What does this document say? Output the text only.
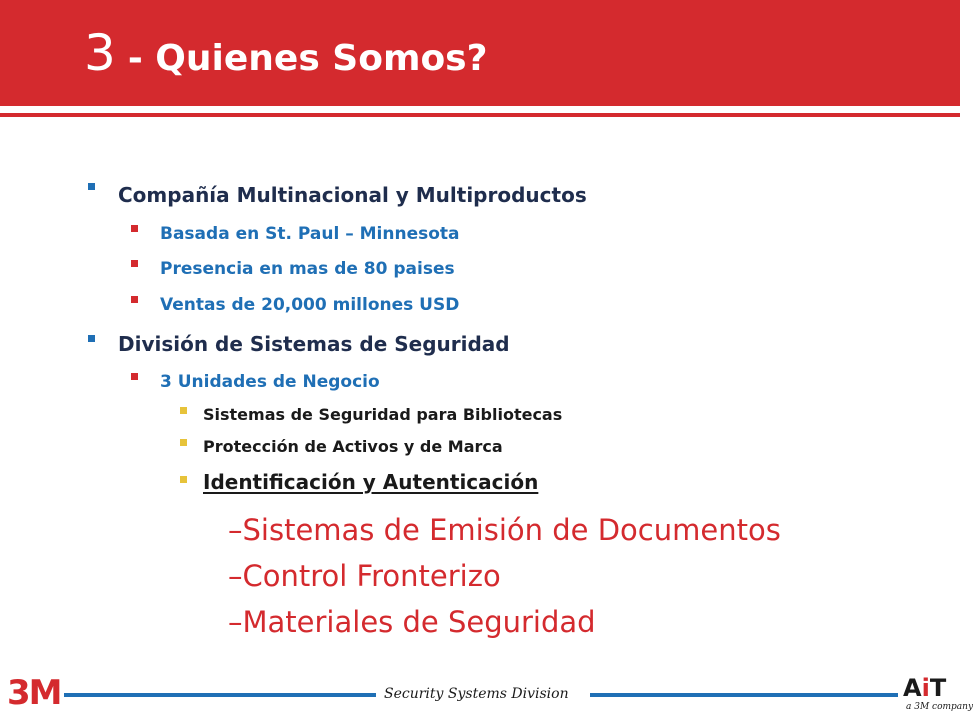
3 - Quienes Somos?
Compañía Multinacional y Multiproductos
Basada en St. Paul – Minnesota
Presencia en mas de 80 paises
Ventas de 20,000 millones USD
División de Sistemas de Seguridad
3 Unidades de Negocio
Sistemas de Seguridad para Bibliotecas
Protección de Activos y de Marca
Identificación y Autenticación
–Sistemas de Emisión de Documentos
–Control Fronterizo
–Materiales de Seguridad
Security Systems Division
3M	AiT
a 3M company
